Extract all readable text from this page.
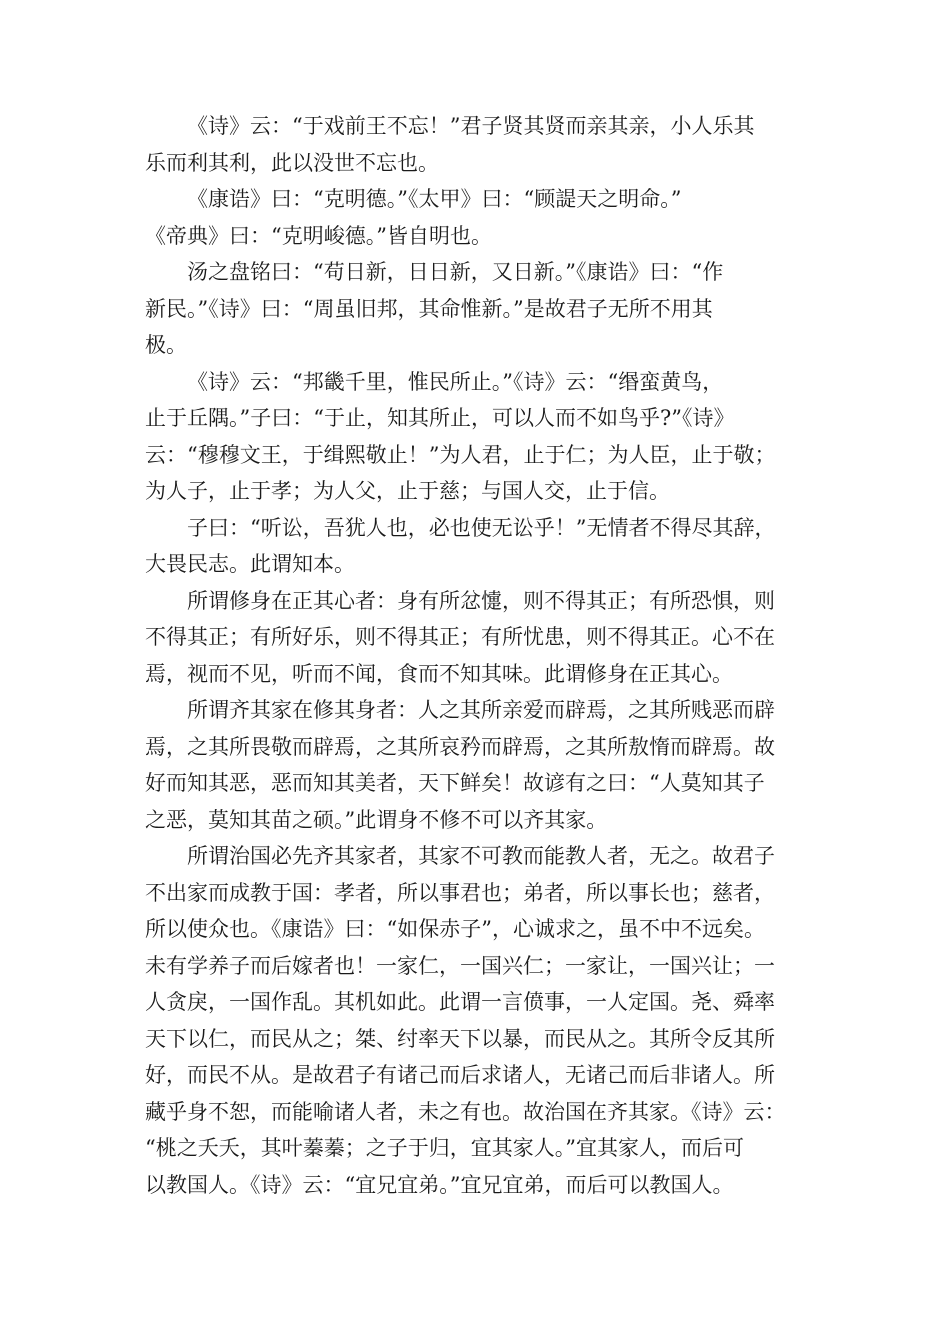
《诗》云：“于戏前王不忘！”君子贤其贤而亲其亲，小人乐其
乐而利其利，此以没世不忘也。

《康诰》曰：“克明德。”《太甲》曰：“顾諟天之明命。”
《帝典》曰：“克明峻德。”皆自明也。

汤之盘铭曰：“苟日新，日日新，又日新。”《康诰》曰：“作
新民。”《诗》曰：“周虽旧邦，其命惟新。”是故君子无所不用其
极。

《诗》云：“邦畿千里，惟民所止。”《诗》云：“缗蛮黄鸟，
止于丘隅。”子曰：“于止，知其所止，可以人而不如鸟乎?”《诗》
云：“穆穆文王，于缉熙敬止！”为人君，止于仁；为人臣，止于敬；
为人子，止于孝；为人父，止于慈；与国人交，止于信。

子曰：“听讼，吾犹人也，必也使无讼乎！”无情者不得尽其辞，
大畏民志。此谓知本。

所谓修身在正其心者：身有所忿懥，则不得其正；有所恐惧，则
不得其正；有所好乐，则不得其正；有所忧患，则不得其正。心不在
焉，视而不见，听而不闻，食而不知其味。此谓修身在正其心。

所谓齐其家在修其身者：人之其所亲爱而辟焉，之其所贱恶而辟
焉，之其所畏敬而辟焉，之其所哀矜而辟焉，之其所敖惰而辟焉。故
好而知其恶，恶而知其美者，天下鲜矣！故谚有之曰：“人莫知其子
之恶，莫知其苗之硕。”此谓身不修不可以齐其家。

所谓治国必先齐其家者，其家不可教而能教人者，无之。故君子
不出家而成教于国：孝者，所以事君也；弟者，所以事长也；慈者，
所以使众也。《康诰》曰：“如保赤子”，心诚求之，虽不中不远矣。
未有学养子而后嫁者也！一家仁，一国兴仁；一家让，一国兴让；一
人贪戾，一国作乱。其机如此。此谓一言偾事，一人定国。尧、舜率
天下以仁，而民从之；桀、纣率天下以暴，而民从之。其所令反其所
好，而民不从。是故君子有诸己而后求诸人，无诸己而后非诸人。所
藏乎身不恕，而能喻诸人者，未之有也。故治国在齐其家。《诗》云：
“桃之夭夭，其叶蓁蓁；之子于归，宜其家人。”宜其家人，而后可
以教国人。《诗》云：“宜兄宜弟。”宜兄宜弟，而后可以教国人。
